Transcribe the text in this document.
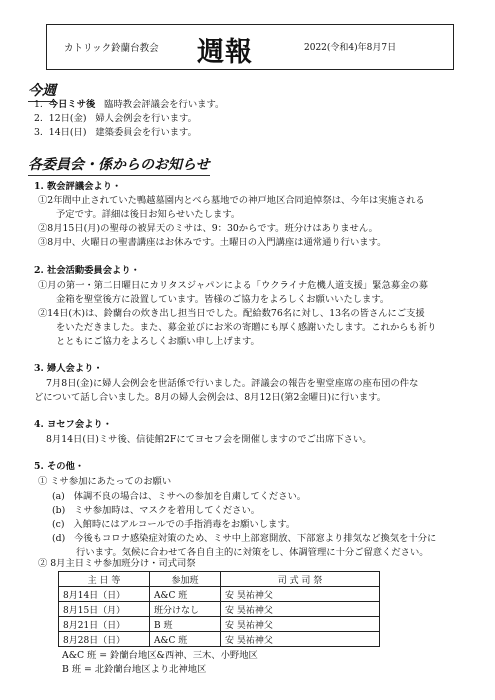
カトリック鈴蘭台教会 週報	2022(令和4)年8月7日
今週
1. 今日ミサ後 臨時教会評議会を行います。
2. 12日(金) 婦人会例会を行います。
3. 14日(日) 建築委員会を行います。
各委員会・係からのお知らせ
1. 教会評議会より・
①2年間中止されていた鴨越墓園内とべら墓地での神戸地区合同追悼祭は、今年は実施される
予定です。詳細は後日お知らせいたします。
②8月15日(月)の聖母の被昇天のミサは、9：30からです。班分けはありません。
③8月中、火曜日の聖書講座はお休みです。土曜日の入門講座は通常通り行います。
2. 社会活動委員会より・
①月の第一・第二日曜日にカリタスジャパンによる「ウクライナ危機人道支援」緊急募金の募
金箱を聖堂後方に設置しています。皆様のご協力をよろしくお願いいたします。
②14日(木)は、鈴蘭台の炊き出し担当日でした。配給数76名に対し、13名の皆さんにご支援
をいただきました。また、募金並びにお米の寄贈にも厚く感謝いたします。これからも祈り
とともにご協力をよろしくお願い申し上げます。
3. 婦人会より・
7月8日(金)に婦人会例会を世話係で行いました。評議会の報告を聖堂座席の座布団の件な
どについて話し合いました。8月の婦人会例会は、8月12日(第2金曜日)に行います。
4. ヨセフ会より・
8月14日(日)ミサ後、信徒館2Fにてヨセフ会を開催しますのでご出席下さい。
5. その他・
① ミサ参加にあたってのお願い
(a) 体調不良の場合は、ミサへの参加を自粛してください。
(b) ミサ参加時は、マスクを着用してください。
(c) 入館時にはアルコールでの手指消毒をお願いします。
(d) 今後もコロナ感染症対策のため、ミサ中上部窓開放、下部窓より排気など換気を十分に
行います。気候に合わせて各自自主的に対策をし、体調管理に十分ご留意ください。
② 8月主日ミサ参加班分け・司式司祭
主 日 等	参加班	司 式 司 祭
8月14日（日）	A&C 班	安 昊祐神父
8月15日（月）	班分けなし	安 昊祐神父
8月21日（日）	B 班	安 昊祐神父
8月28日（日）	A&C 班	安 昊祐神父
A&C 班 = 鈴蘭台地区&西神、三木、小野地区
B 班 = 北鈴蘭台地区より北神地区
